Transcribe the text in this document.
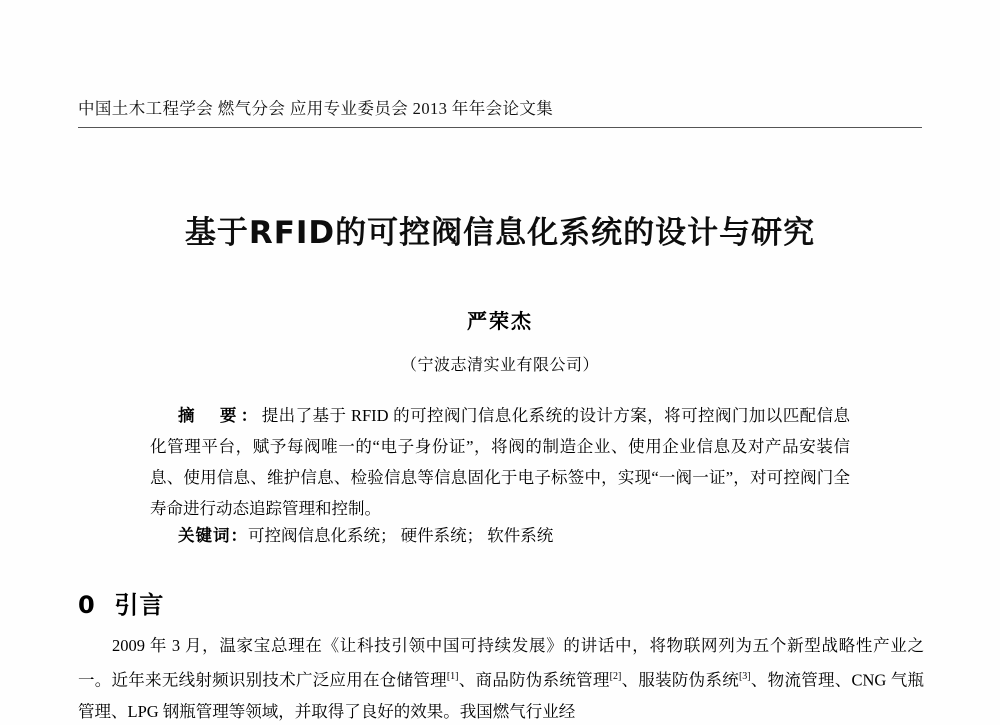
中国土木工程学会 燃气分会 应用专业委员会 2013 年年会论文集
基于RFID的可控阀信息化系统的设计与研究
严荣杰
（宁波志清实业有限公司）
摘　要：提出了基于 RFID 的可控阀门信息化系统的设计方案，将可控阀门加以匹配信息化管理平台，赋予每阀唯一的“电子身份证”，将阀的制造企业、使用企业信息及对产品安装信息、使用信息、维护信息、检验信息等信息固化于电子标签中，实现“一阀一证”，对可控阀门全寿命进行动态追踪管理和控制。
关键词：可控阀信息化系统； 硬件系统； 软件系统
0 引言
2009 年 3 月，温家宝总理在《让科技引领中国可持续发展》的讲话中，将物联网列为五个新型战略性产业之一。近年来无线射频识别技术广泛应用在仓储管理[1]、商品防伪系统管理[2]、服装防伪系统[3]、物流管理、CNG 气瓶管理、LPG 钢瓶管理等领域，并取得了良好的效果。我国燃气行业经
